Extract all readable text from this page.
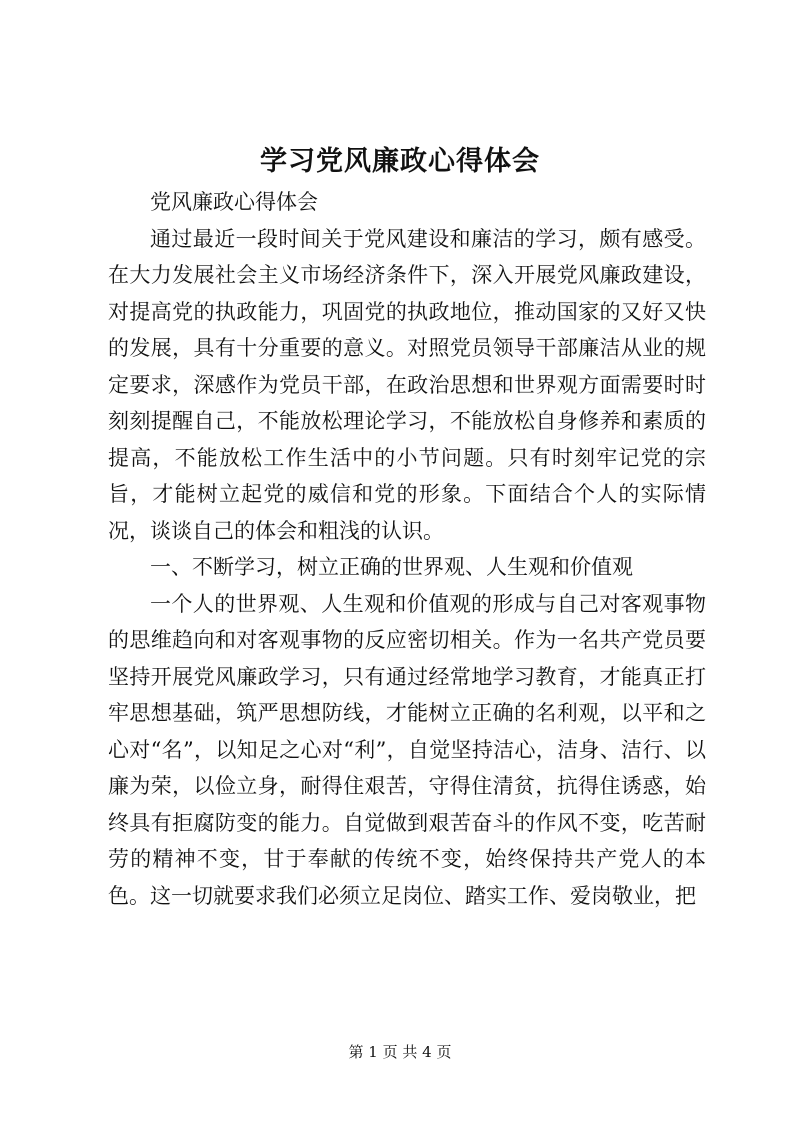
学习党风廉政心得体会

党风廉政心得体会

通过最近一段时间关于党风建设和廉洁的学习，颇有感受。在大力发展社会主义市场经济条件下，深入开展党风廉政建设，对提高党的执政能力，巩固党的执政地位，推动国家的又好又快的发展，具有十分重要的意义。对照党员领导干部廉洁从业的规定要求，深感作为党员干部，在政治思想和世界观方面需要时时刻刻提醒自己，不能放松理论学习，不能放松自身修养和素质的提高，不能放松工作生活中的小节问题。只有时刻牢记党的宗旨，才能树立起党的威信和党的形象。下面结合个人的实际情况，谈谈自己的体会和粗浅的认识。

一、不断学习，树立正确的世界观、人生观和价值观

一个人的世界观、人生观和价值观的形成与自己对客观事物的思维趋向和对客观事物的反应密切相关。作为一名共产党员要坚持开展党风廉政学习，只有通过经常地学习教育，才能真正打牢思想基础，筑严思想防线，才能树立正确的名利观，以平和之心对“名”，以知足之心对“利”，自觉坚持洁心，洁身、洁行、以廉为荣，以俭立身，耐得住艰苦，守得住清贫，抗得住诱惑，始终具有拒腐防变的能力。自觉做到艰苦奋斗的作风不变，吃苦耐劳的精神不变，甘于奉献的传统不变，始终保持共产党人的本色。这一切就要求我们必须立足岗位、踏实工作、爱岗敬业，把

第 1 页 共 4 页
